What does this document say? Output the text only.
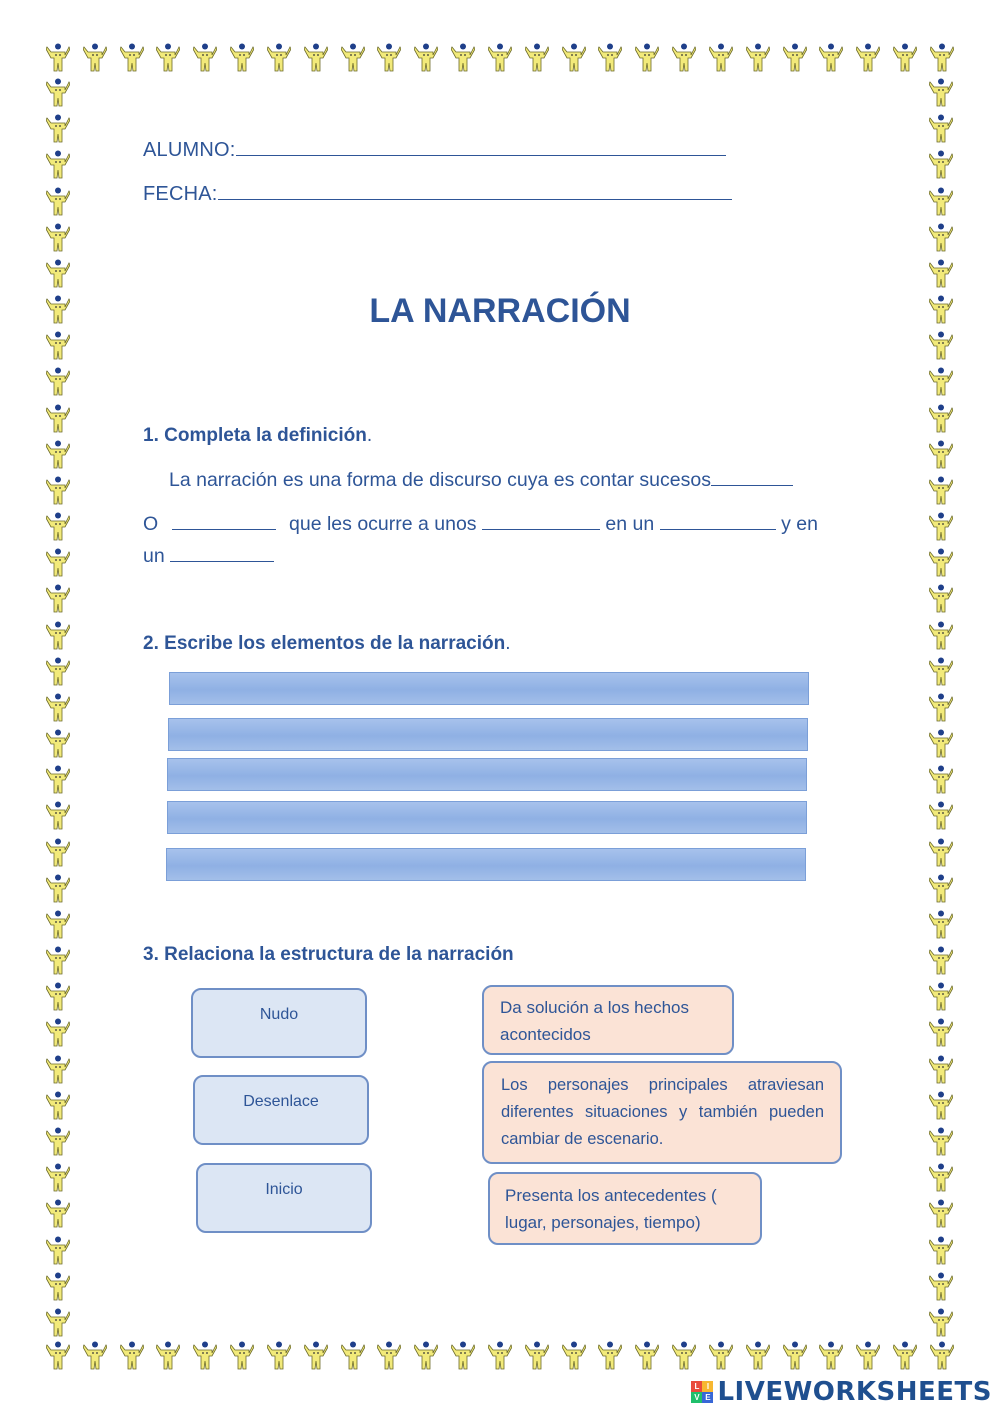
ALUMNO:
FECHA:
LA NARRACIÓN
1. Completa la definición.
La narración es una forma de discurso cuya es contar sucesos
O	que les ocurre a unos	en un	y en
un
2. Escribe los elementos de la narración.
3. Relaciona la estructura de la narración
Nudo
Desenlace
Inicio
Da solución a los hechos acontecidos
Los personajes principales atraviesan diferentes situaciones y también pueden cambiar de escenario.
Presenta los antecedentes ( lugar, personajes, tiempo)
L I
V E LIVEWORKSHEETS
